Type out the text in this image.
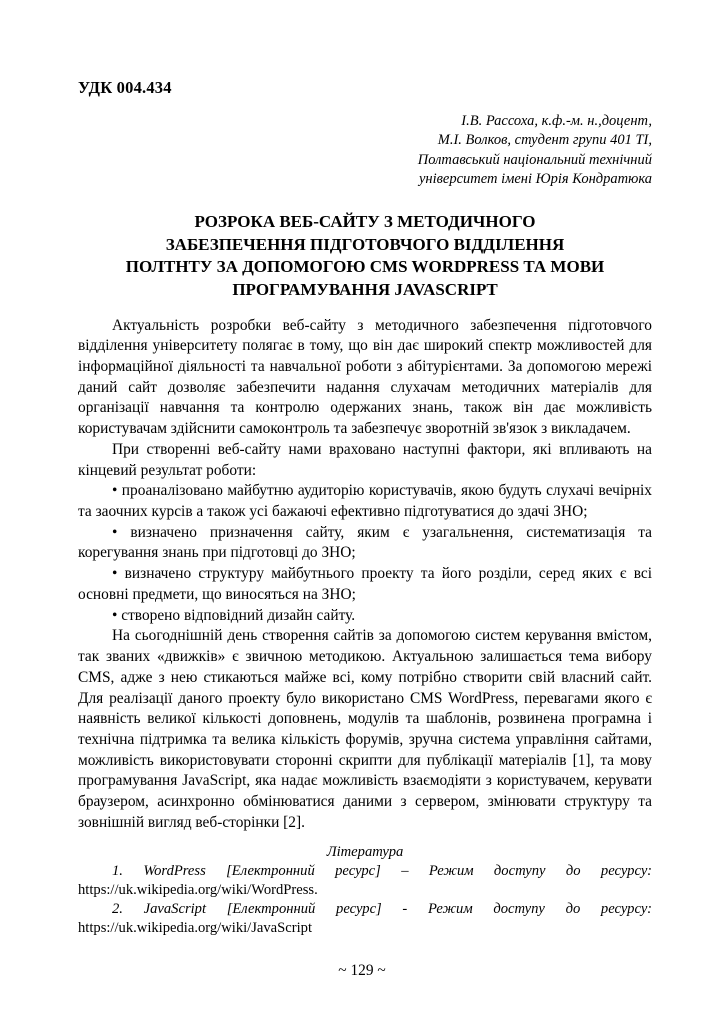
УДК 004.434
І.В. Рассоха, к.ф.-м. н.,доцент,
М.І. Волков, студент групи 401 ТІ,
Полтавський національний технічний
університет імені Юрія Кондратюка
РОЗРОКА ВЕБ-САЙТУ З МЕТОДИЧНОГО
ЗАБЕЗПЕЧЕННЯ ПІДГОТОВЧОГО ВІДДІЛЕННЯ
ПОЛТНТУ ЗА ДОПОМОГОЮ CMS WORDPRESS ТА МОВИ
ПРОГРАМУВАННЯ JAVASCRIPT

Актуальність розробки веб-сайту з методичного забезпечення підготовчого відділення університету полягає в тому, що він дає широкий спектр можливостей для інформаційної діяльності та навчальної роботи з абітурієнтами. За допомогою мережі даний сайт дозволяє забезпечити надання слухачам методичних матеріалів для організації навчання та контролю одержаних знань, також він дає можливість користувачам здійснити самоконтроль та забезпечує зворотній зв'язок з викладачем.

При створенні веб-сайту нами враховано наступні фактори, які впливають на кінцевий результат роботи:

• проаналізовано майбутню аудиторію користувачів, якою будуть слухачі вечірніх та заочних курсів а також усі бажаючі ефективно підготуватися до здачі ЗНО;

• визначено призначення сайту, яким є узагальнення, систематизація та корегування знань при підготовці до ЗНО;

• визначено структуру майбутнього проекту та його розділи, серед яких є всі основні предмети, що виносяться на ЗНО;

• створено відповідний дизайн сайту.

На сьогоднішній день створення сайтів за допомогою систем керування вмістом, так званих «движків» є звичною методикою. Актуальною залишається тема вибору CMS, адже з нею стикаються майже всі, кому потрібно створити свій власний сайт. Для реалізації даного проекту було використано CMS WordPress, перевагами якого є наявність великої кількості доповнень, модулів та шаблонів, розвинена програмна і технічна підтримка та велика кількість форумів, зручна система управління сайтами, можливість використовувати сторонні скрипти для публікації матеріалів [1], та мову програмування JavaScript, яка надає можливість взаємодіяти з користувачем, керувати браузером, асинхронно обмінюватися даними з сервером, змінювати структуру та зовнішній вигляд веб-сторінки [2].

Література

1. WordPress [Електронний ресурс] – Режим доступу до ресурсу: https://uk.wikipedia.org/wiki/WordPress.

2. JavaScript [Електронний ресурс] - Режим доступу до ресурсу: https://uk.wikipedia.org/wiki/JavaScript

~ 129 ~
